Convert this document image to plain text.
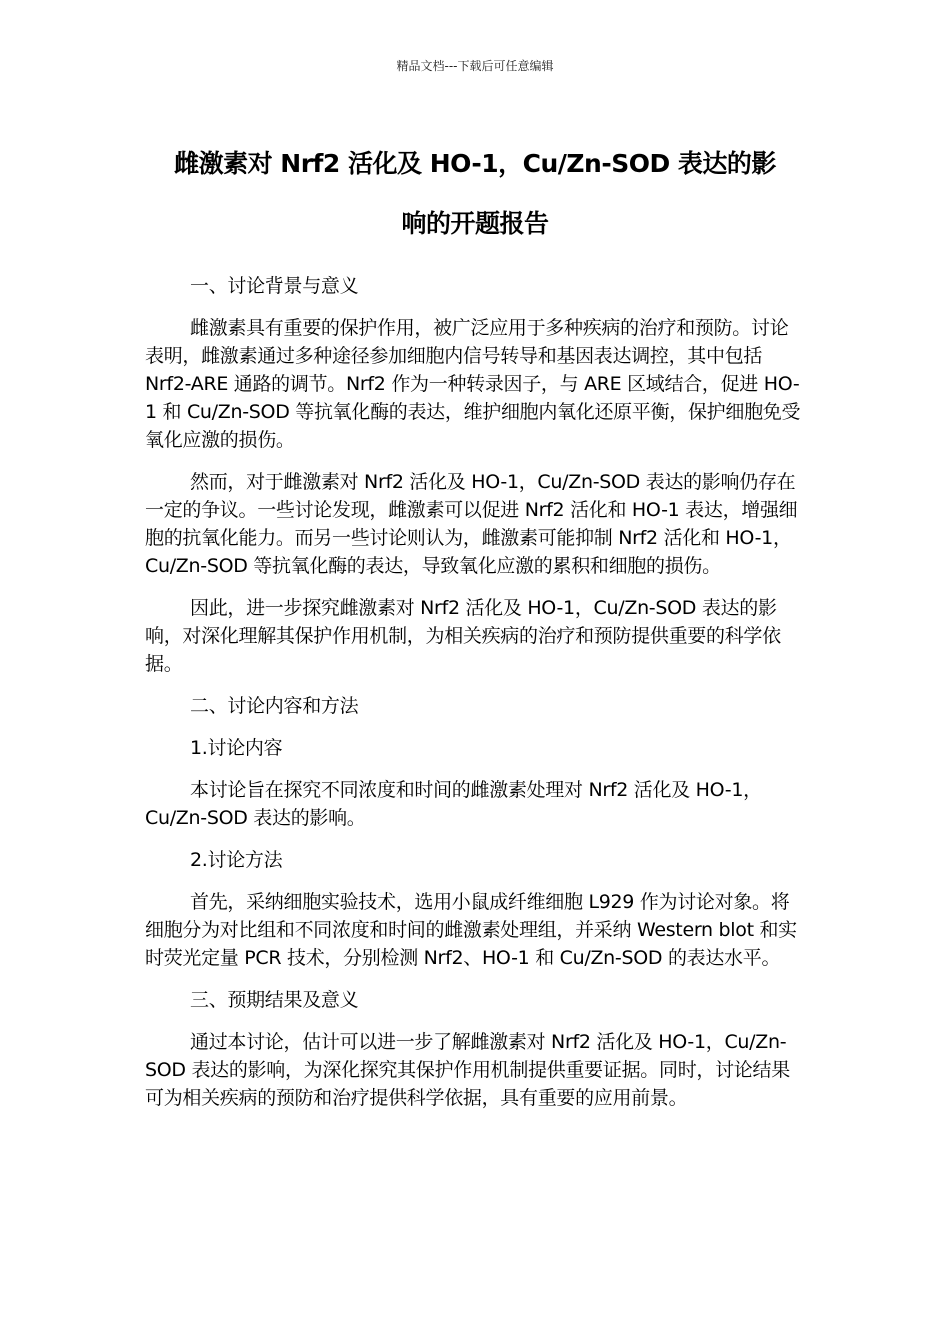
精品文档---下载后可任意编辑
雌激素对 Nrf2 活化及 HO-1，Cu/Zn-SOD 表达的影
响的开题报告

一、讨论背景与意义

雌激素具有重要的保护作用，被广泛应用于多种疾病的治疗和预防。讨论表明，雌激素通过多种途径参加细胞内信号转导和基因表达调控，其中包括 Nrf2-ARE 通路的调节。Nrf2 作为一种转录因子，与 ARE 区域结合，促进 HO-1 和 Cu/Zn-SOD 等抗氧化酶的表达，维护细胞内氧化还原平衡，保护细胞免受氧化应激的损伤。

然而，对于雌激素对 Nrf2 活化及 HO-1，Cu/Zn-SOD 表达的影响仍存在一定的争议。一些讨论发现，雌激素可以促进 Nrf2 活化和 HO-1 表达，增强细胞的抗氧化能力。而另一些讨论则认为，雌激素可能抑制 Nrf2 活化和 HO-1，Cu/Zn-SOD 等抗氧化酶的表达，导致氧化应激的累积和细胞的损伤。

因此，进一步探究雌激素对 Nrf2 活化及 HO-1，Cu/Zn-SOD 表达的影响，对深化理解其保护作用机制，为相关疾病的治疗和预防提供重要的科学依据。

二、讨论内容和方法

1.讨论内容

本讨论旨在探究不同浓度和时间的雌激素处理对 Nrf2 活化及 HO-1，Cu/Zn-SOD 表达的影响。

2.讨论方法

首先，采纳细胞实验技术，选用小鼠成纤维细胞 L929 作为讨论对象。将细胞分为对比组和不同浓度和时间的雌激素处理组，并采纳 Western blot 和实时荧光定量 PCR 技术，分别检测 Nrf2、HO-1 和 Cu/Zn-SOD 的表达水平。

三、预期结果及意义

通过本讨论，估计可以进一步了解雌激素对 Nrf2 活化及 HO-1，Cu/Zn-SOD 表达的影响，为深化探究其保护作用机制提供重要证据。同时，讨论结果可为相关疾病的预防和治疗提供科学依据，具有重要的应用前景。
